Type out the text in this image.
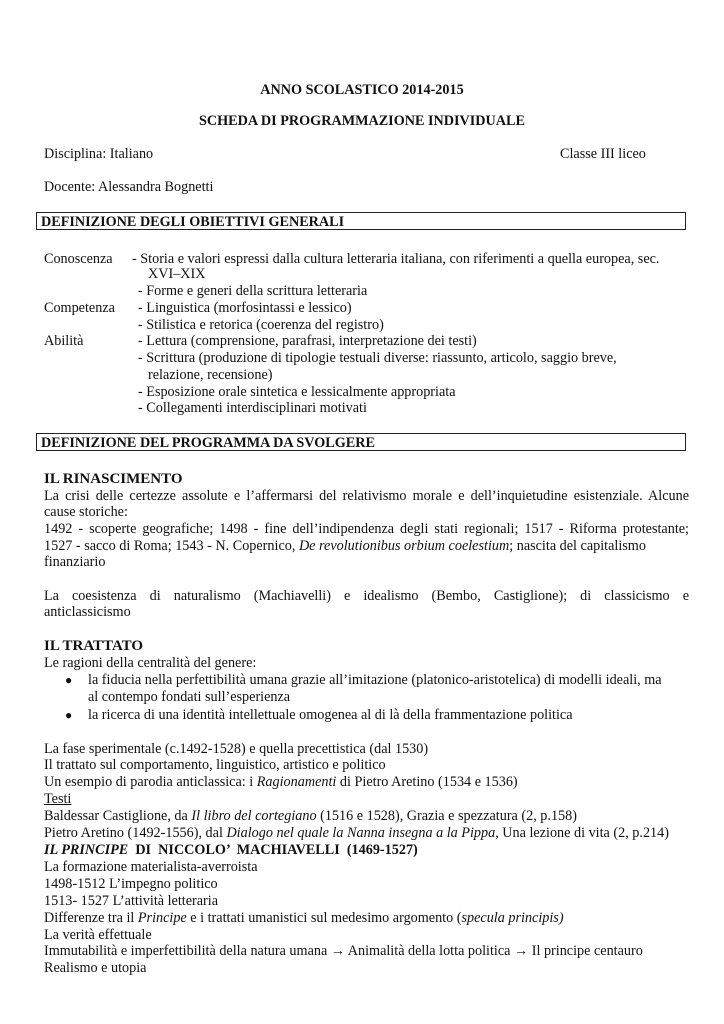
ANNO SCOLASTICO 2014-2015
SCHEDA DI PROGRAMMAZIONE INDIVIDUALE
Disciplina: Italiano	Classe III liceo
Docente: Alessandra Bognetti
DEFINIZIONE DEGLI OBIETTIVI GENERALI
Conoscenza - Storia e valori espressi dalla cultura letteraria italiana, con riferimenti a quella europea, sec.
XVI–XIX
- Forme e generi della scrittura letteraria
Competenza - Linguistica (morfosintassi e lessico)
- Stilistica e retorica (coerenza del registro)
Abilità	- Lettura (comprensione, parafrasi, interpretazione dei testi)
- Scrittura (produzione di tipologie testuali diverse: riassunto, articolo, saggio breve,
relazione, recensione)
- Esposizione orale sintetica e lessicalmente appropriata
- Collegamenti interdisciplinari motivati
DEFINIZIONE DEL PROGRAMMA DA SVOLGERE
IL RINASCIMENTO
La crisi delle certezze assolute e l’affermarsi del relativismo morale e dell’inquietudine esistenziale. Alcune
cause storiche:
1492 - scoperte geografiche; 1498 - fine dell’indipendenza degli stati regionali; 1517 - Riforma protestante;
1527 - sacco di Roma; 1543 - N. Copernico, De revolutionibus orbium coelestium; nascita del capitalismo
finanziario
La coesistenza di naturalismo (Machiavelli) e idealismo (Bembo, Castiglione); di classicismo e
anticlassicismo
IL TRATTATO
Le ragioni della centralità del genere:
● la fiducia nella perfettibilità umana grazie all’imitazione (platonico-aristotelica) di modelli ideali, ma
al contempo fondati sull’esperienza
● la ricerca di una identità intellettuale omogenea al di là della frammentazione politica
La fase sperimentale (c.1492-1528) e quella precettistica (dal 1530)
Il trattato sul comportamento, linguistico, artistico e politico
Un esempio di parodia anticlassica: i Ragionamenti di Pietro Aretino (1534 e 1536)
Testi
Baldessar Castiglione, da Il libro del cortegiano (1516 e 1528), Grazia e spezzatura (2, p.158)
Pietro Aretino (1492-1556), dal Dialogo nel quale la Nanna insegna a la Pippa, Una lezione di vita (2, p.214)
IL PRINCIPE  DI  NICCOLO’  MACHIAVELLI  (1469-1527)
La formazione materialista-averroista
1498-1512 L’impegno politico
1513- 1527 L’attività letteraria
Differenze tra il Principe e i trattati umanistici sul medesimo argomento (specula principis)
La verità effettuale
Immutabilità e imperfettibilità della natura umana → Animalità della lotta politica → Il principe centauro
Realismo e utopia
